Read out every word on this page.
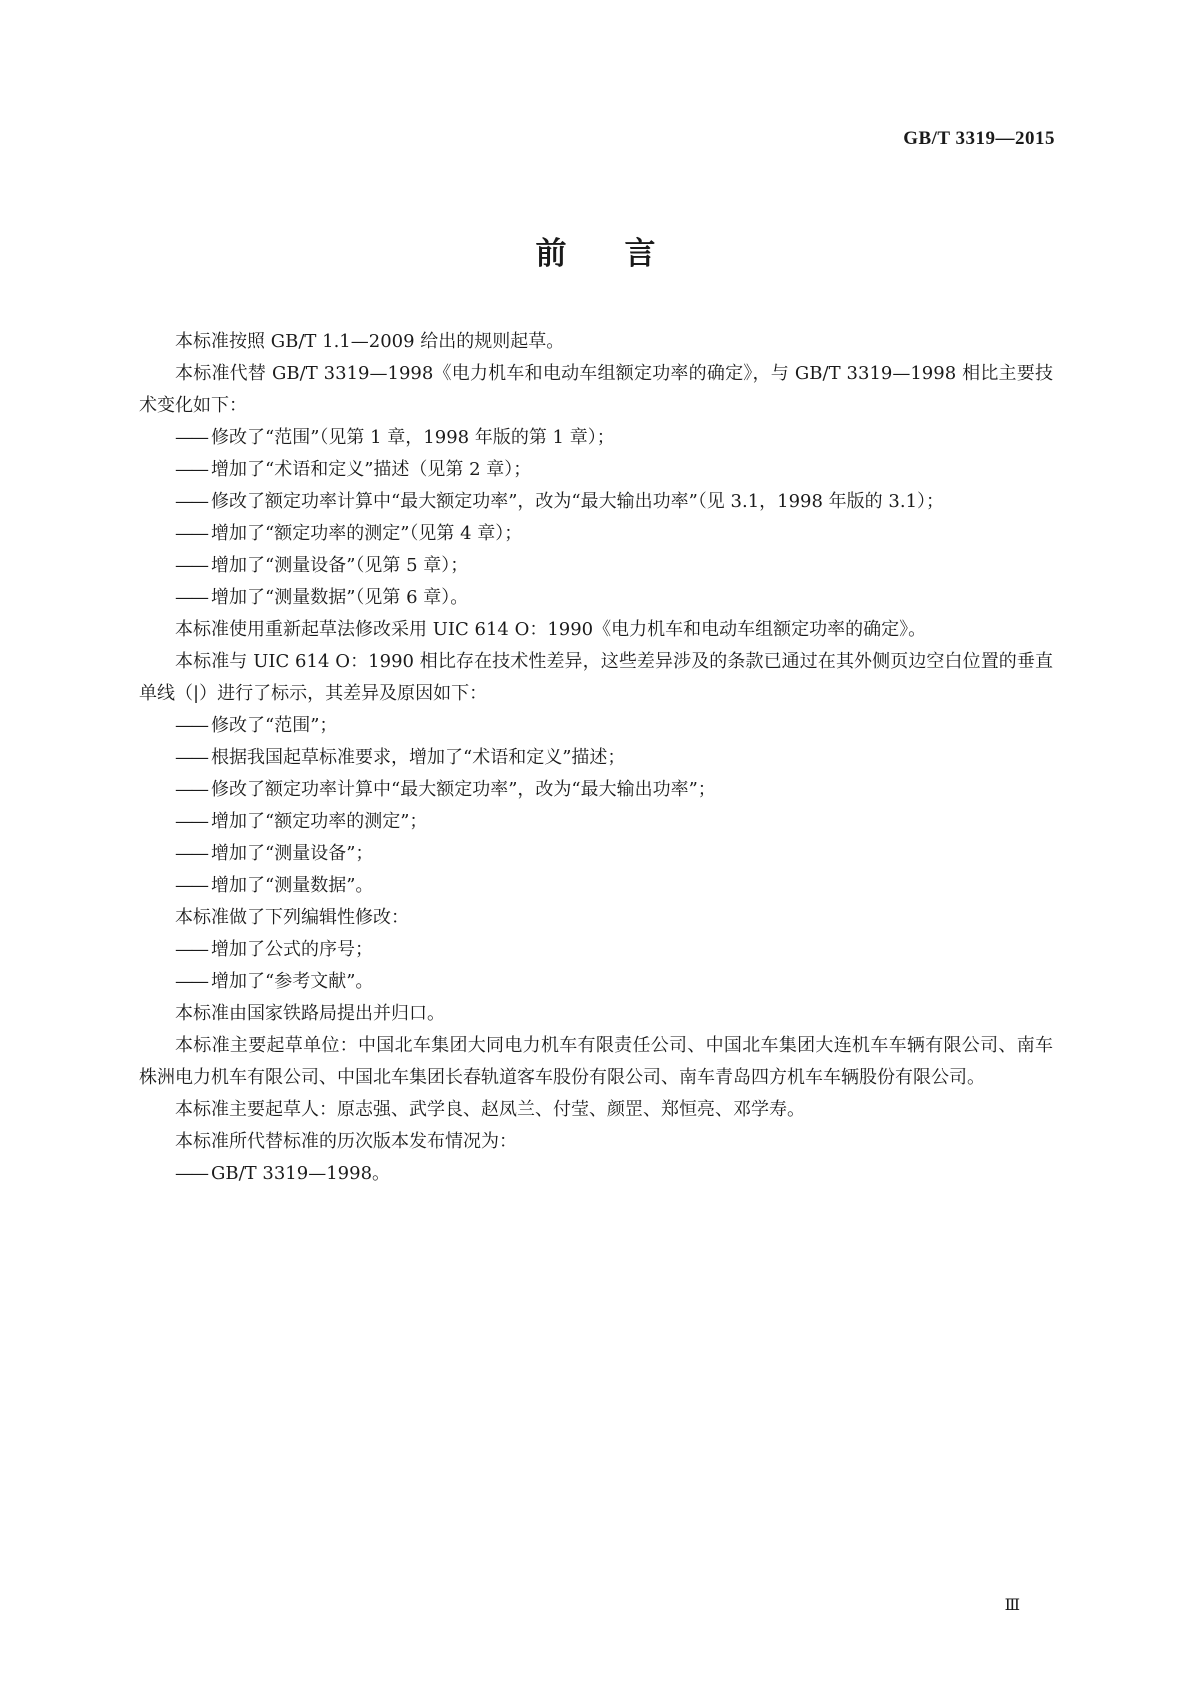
GB/T 3319—2015
前 言

本标准按照 GB/T 1.1—2009 给出的规则起草。

本标准代替 GB/T 3319—1998《电力机车和电动车组额定功率的确定》，与 GB/T 3319—1998 相比主要技术变化如下：

—— 修改了“范围”（见第 1 章，1998 年版的第 1 章）；

—— 增加了“术语和定义”描述（见第 2 章）；

—— 修改了额定功率计算中“最大额定功率”，改为“最大输出功率”（见 3.1，1998 年版的 3.1）；

—— 增加了“额定功率的测定”（见第 4 章）；

—— 增加了“测量设备”（见第 5 章）；

—— 增加了“测量数据”（见第 6 章）。

本标准使用重新起草法修改采用 UIC 614 O：1990《电力机车和电动车组额定功率的确定》。

本标准与 UIC 614 O：1990 相比存在技术性差异，这些差异涉及的条款已通过在其外侧页边空白位置的垂直单线（|）进行了标示，其差异及原因如下：

—— 修改了“范围”；

—— 根据我国起草标准要求，增加了“术语和定义”描述；

—— 修改了额定功率计算中“最大额定功率”，改为“最大输出功率”；

—— 增加了“额定功率的测定”；

—— 增加了“测量设备”；

—— 增加了“测量数据”。

本标准做了下列编辑性修改：

—— 增加了公式的序号；

—— 增加了“参考文献”。

本标准由国家铁路局提出并归口。

本标准主要起草单位：中国北车集团大同电力机车有限责任公司、中国北车集团大连机车车辆有限公司、南车株洲电力机车有限公司、中国北车集团长春轨道客车股份有限公司、南车青岛四方机车车辆股份有限公司。

本标准主要起草人：原志强、武学良、赵凤兰、付莹、颜罡、郑恒亮、邓学寿。

本标准所代替标准的历次版本发布情况为：

—— GB/T 3319—1998。

Ⅲ
